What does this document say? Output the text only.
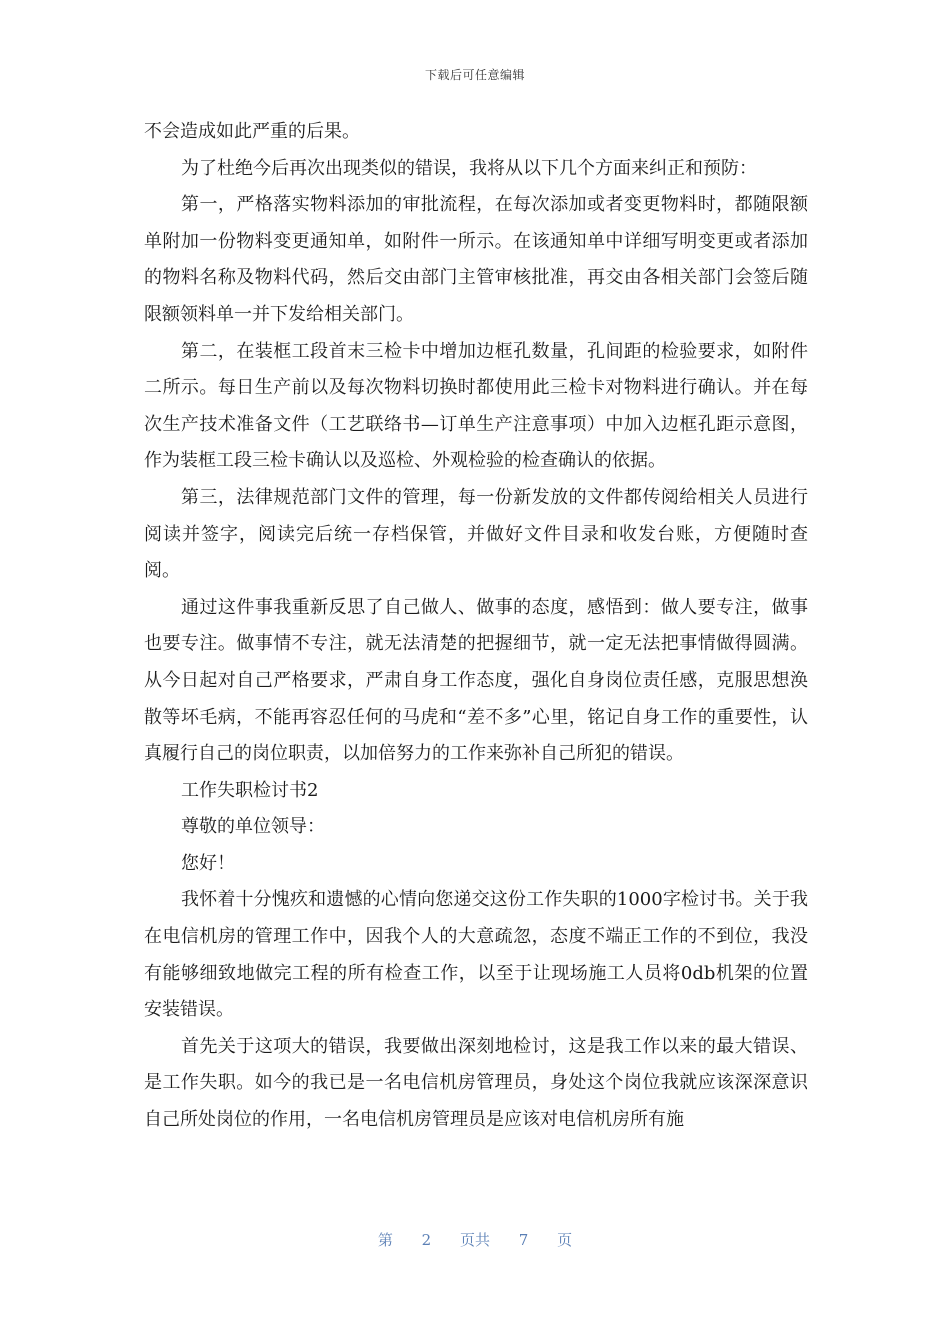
下载后可任意编辑

不会造成如此严重的后果。

为了杜绝今后再次出现类似的错误，我将从以下几个方面来纠正和预防：

第一，严格落实物料添加的审批流程，在每次添加或者变更物料时，都随限额单附加一份物料变更通知单，如附件一所示。在该通知单中详细写明变更或者添加的物料名称及物料代码，然后交由部门主管审核批准，再交由各相关部门会签后随限额领料单一并下发给相关部门。

第二，在装框工段首末三检卡中增加边框孔数量，孔间距的检验要求，如附件二所示。每日生产前以及每次物料切换时都使用此三检卡对物料进行确认。并在每次生产技术准备文件（工艺联络书—订单生产注意事项）中加入边框孔距示意图，作为装框工段三检卡确认以及巡检、外观检验的检查确认的依据。

第三，法律规范部门文件的管理，每一份新发放的文件都传阅给相关人员进行阅读并签字，阅读完后统一存档保管，并做好文件目录和收发台账，方便随时查阅。

通过这件事我重新反思了自己做人、做事的态度，感悟到：做人要专注，做事也要专注。做事情不专注，就无法清楚的把握细节，就一定无法把事情做得圆满。从今日起对自己严格要求，严肃自身工作态度，强化自身岗位责任感，克服思想涣散等坏毛病，不能再容忍任何的马虎和“差不多”心里，铭记自身工作的重要性，认真履行自己的岗位职责，以加倍努力的工作来弥补自己所犯的错误。

工作失职检讨书2

尊敬的单位领导：

您好！

我怀着十分愧疚和遗憾的心情向您递交这份工作失职的1000字检讨书。关于我在电信机房的管理工作中，因我个人的大意疏忽，态度不端正工作的不到位，我没有能够细致地做完工程的所有检查工作，以至于让现场施工人员将0db机架的位置安装错误。

首先关于这项大的错误，我要做出深刻地检讨，这是我工作以来的最大错误、是工作失职。如今的我已是一名电信机房管理员，身处这个岗位我就应该深深意识自己所处岗位的作用，一名电信机房管理员是应该对电信机房所有施

第 2 页共 7 页
